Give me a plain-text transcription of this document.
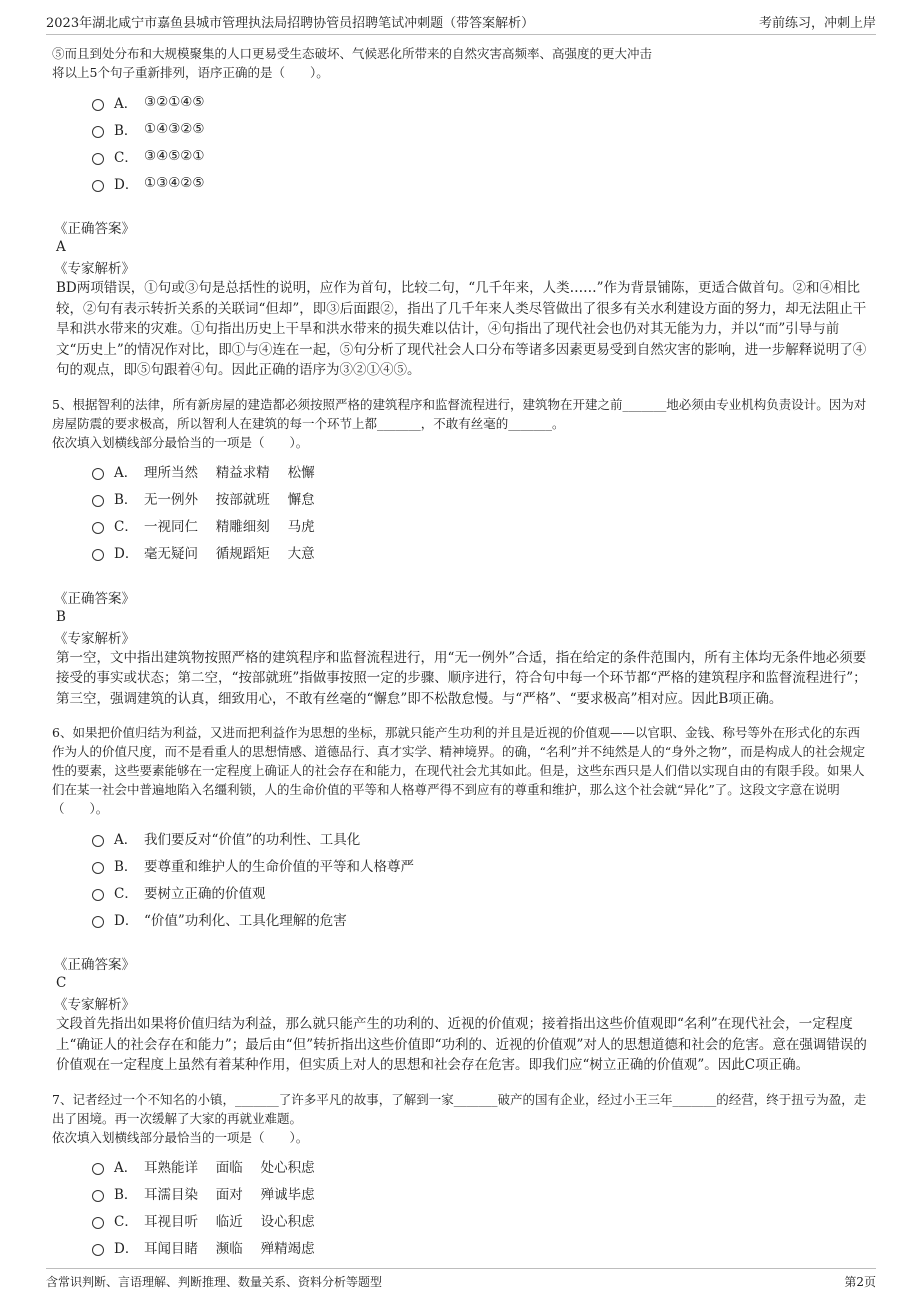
2023年湖北咸宁市嘉鱼县城市管理执法局招聘协管员招聘笔试冲刺题（带答案解析）	考前练习，冲刺上岸

⑤而且到处分布和大规模聚集的人口更易受生态破坏、气候恶化所带来的自然灾害高频率、高强度的更大冲击

将以上5个句子重新排列，语序正确的是（　　）。

A． ③②①④⑤
B． ①④③②⑤
C． ③④⑤②①
D． ①③④②⑤

《正确答案》

A

《专家解析》

BD两项错误，①句或③句是总括性的说明，应作为首句，比较二句，“几千年来，人类……”作为背景铺陈，更适合做首句。②和④相比较，②句有表示转折关系的关联词“但却”，即③后面跟②，指出了几千年来人类尽管做出了很多有关水利建设方面的努力，却无法阻止干旱和洪水带来的灾难。①句指出历史上干旱和洪水带来的损失难以估计，④句指出了现代社会也仍对其无能为力，并以“而”引导与前文“历史上”的情况作对比，即①与④连在一起，⑤句分析了现代社会人口分布等诸多因素更易受到自然灾害的影响，进一步解释说明了④句的观点，即⑤句跟着④句。因此正确的语序为③②①④⑤。

5、根据智利的法律，所有新房屋的建造都必须按照严格的建筑程序和监督流程进行，建筑物在开建之前_______地必须由专业机构负责设计。因为对房屋防震的要求极高，所以智利人在建筑的每一个环节上都_______，不敢有丝毫的_______。

依次填入划横线部分最恰当的一项是（　　）。

A． 理所当然　 精益求精　 松懈
B． 无一例外　 按部就班　 懈怠
C． 一视同仁　 精雕细刻　 马虎
D． 毫无疑问　 循规蹈矩　 大意

《正确答案》

B

《专家解析》

第一空，文中指出建筑物按照严格的建筑程序和监督流程进行，用“无一例外”合适，指在给定的条件范围内，所有主体均无条件地必须要接受的事实或状态；第二空，“按部就班”指做事按照一定的步骤、顺序进行，符合句中每一个环节都“严格的建筑程序和监督流程进行”；第三空，强调建筑的认真，细致用心，不敢有丝毫的“懈怠”即不松散怠慢。与“严格”、“要求极高”相对应。因此B项正确。

6、如果把价值归结为利益，又进而把利益作为思想的坐标，那就只能产生功利的并且是近视的价值观——以官职、金钱、称号等外在形式化的东西作为人的价值尺度，而不是看重人的思想情感、道德品行、真才实学、精神境界。的确，“名利”并不纯然是人的“身外之物”，而是构成人的社会规定性的要素，这些要素能够在一定程度上确证人的社会存在和能力，在现代社会尤其如此。但是，这些东西只是人们借以实现自由的有限手段。如果人们在某一社会中普遍地陷入名缰利锁，人的生命价值的平等和人格尊严得不到应有的尊重和维护，那么这个社会就“异化”了。这段文字意在说明（　　）。

A． 我们要反对“价值”的功利性、工具化
B． 要尊重和维护人的生命价值的平等和人格尊严
C． 要树立正确的价值观
D． “价值”功利化、工具化理解的危害

《正确答案》

C

《专家解析》

文段首先指出如果将价值归结为利益，那么就只能产生的功利的、近视的价值观；接着指出这些价值观即“名利”在现代社会，一定程度上“确证人的社会存在和能力”；最后由“但”转折指出这些价值即“功利的、近视的价值观”对人的思想道德和社会的危害。意在强调错误的价值观在一定程度上虽然有着某种作用，但实质上对人的思想和社会存在危害。即我们应“树立正确的价值观”。因此C项正确。

7、记者经过一个不知名的小镇，_______了许多平凡的故事，了解到一家_______破产的国有企业，经过小王三年_______的经营，终于扭亏为盈，走出了困境。再一次缓解了大家的再就业难题。

依次填入划横线部分最恰当的一项是（　　）。

A． 耳熟能详　 面临　 处心积虑
B． 耳濡目染　 面对　 殚诚毕虑
C． 耳视目听　 临近　 设心积虑
D． 耳闻目睹　 濒临　 殚精竭虑
含常识判断、言语理解、判断推理、数量关系、资料分析等题型	第2页
